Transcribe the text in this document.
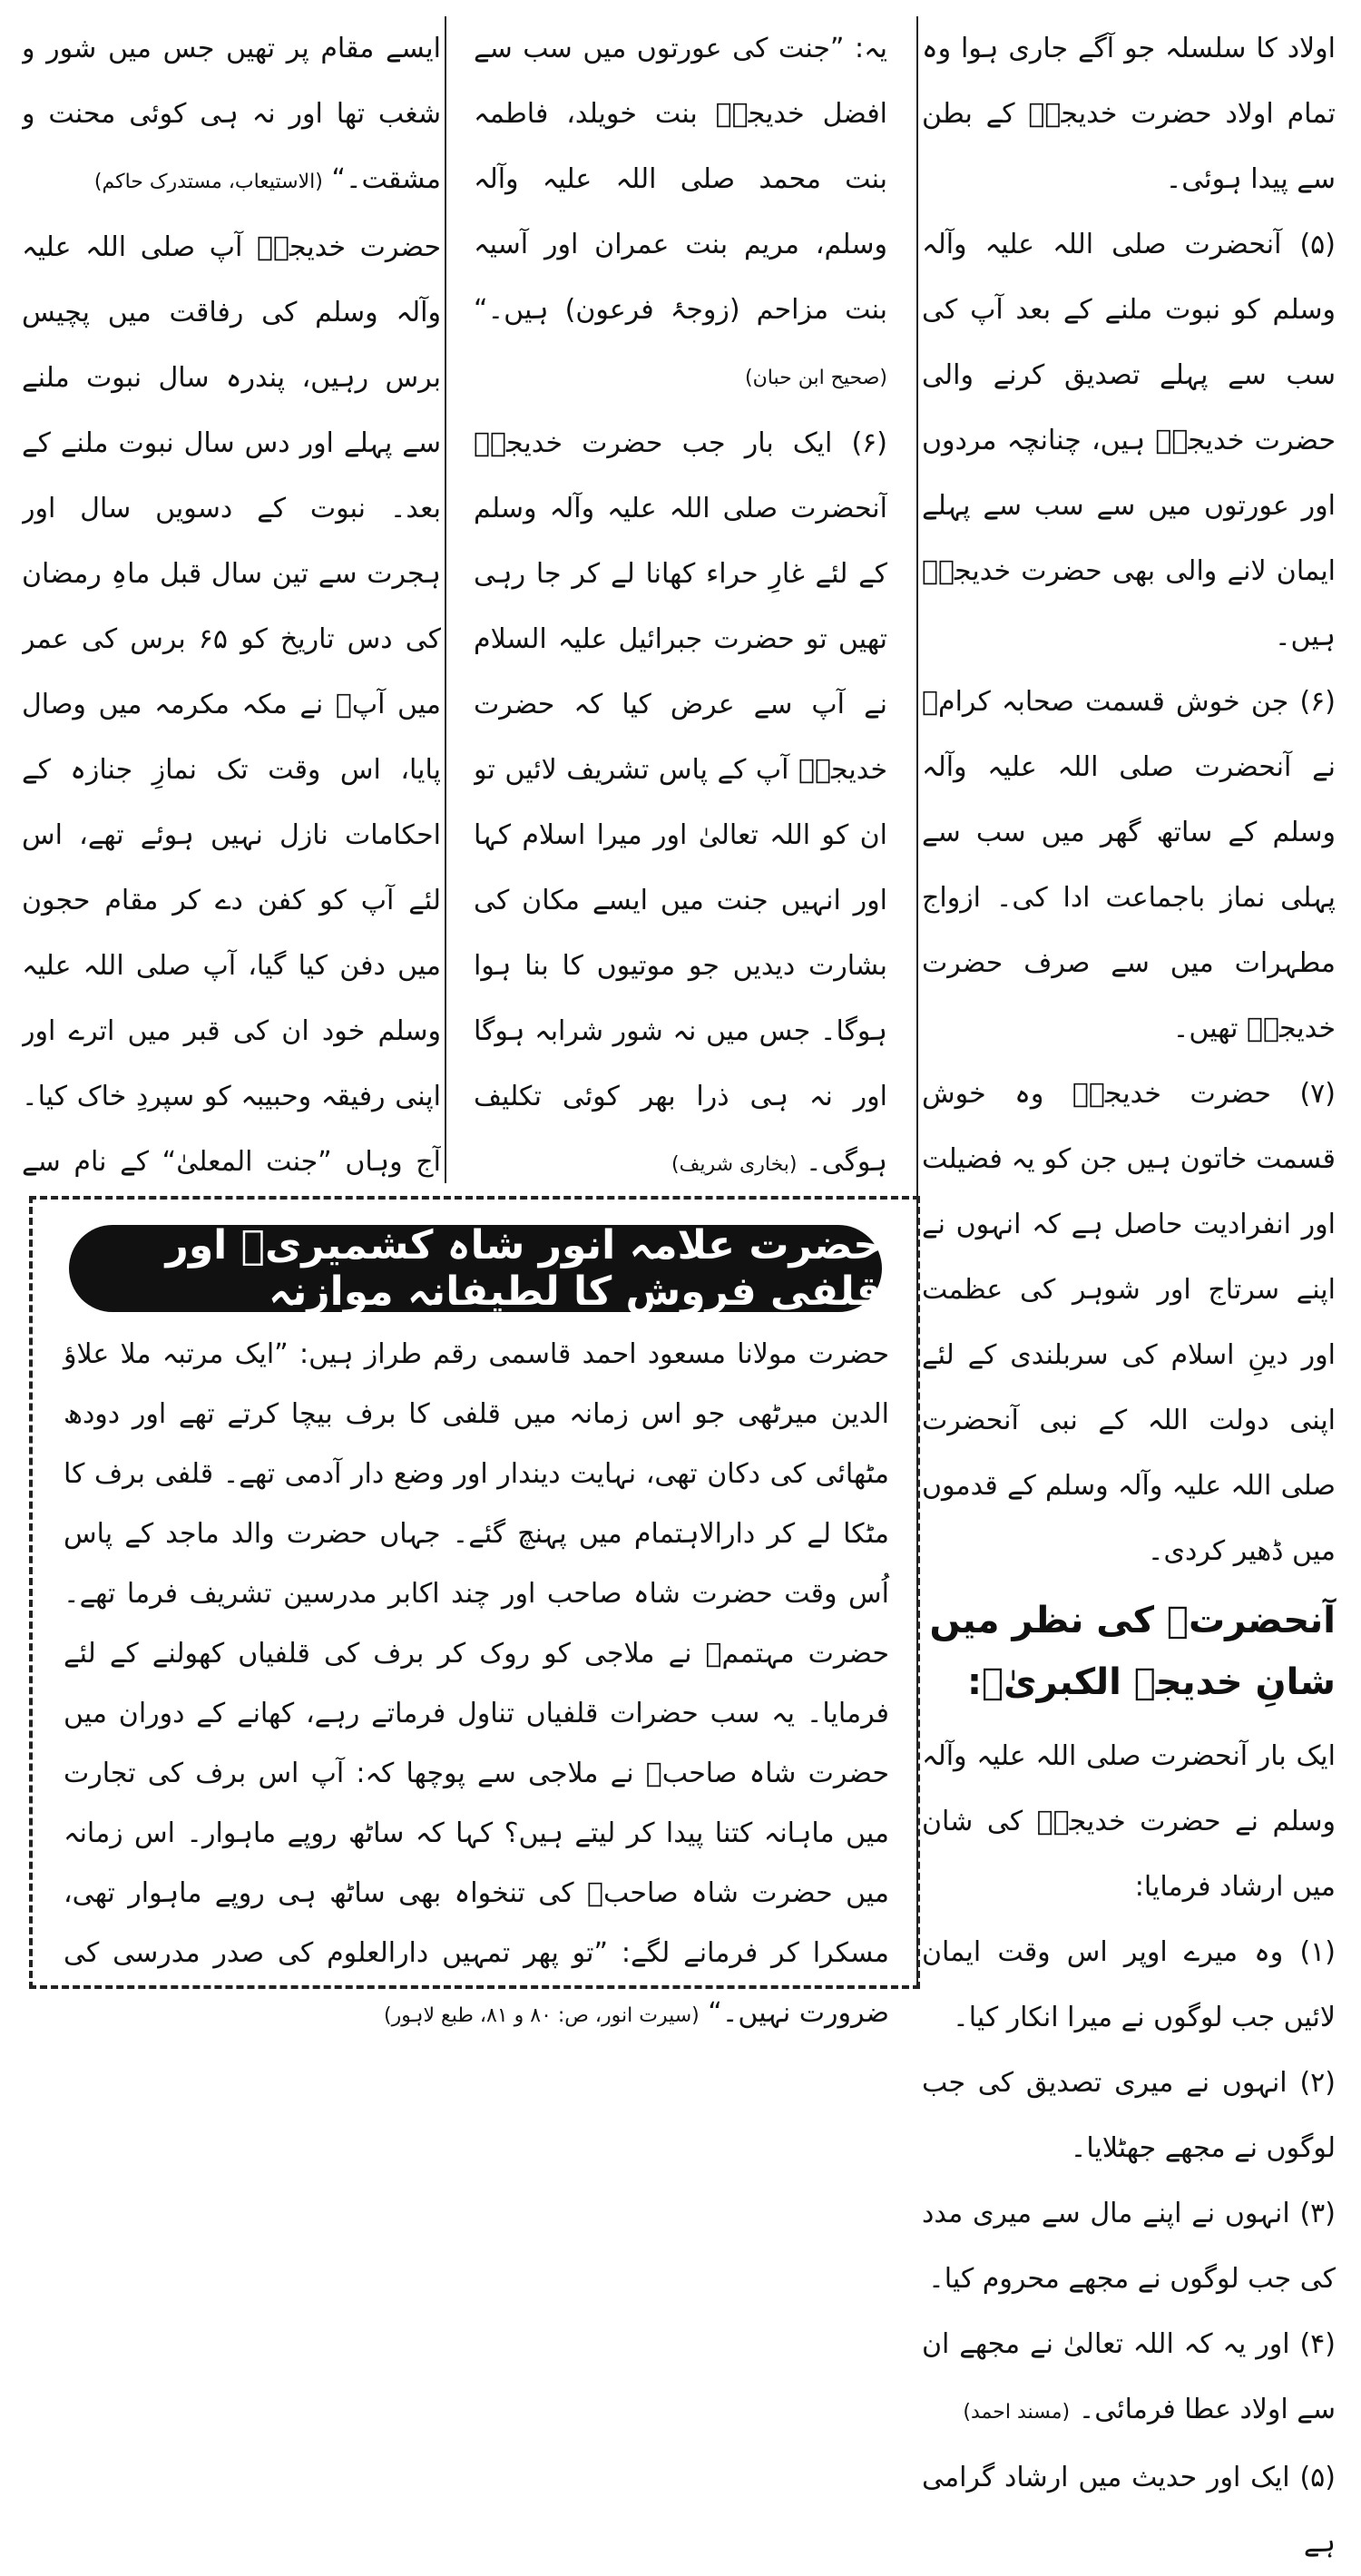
اولاد کا سلسلہ جو آگے جاری ہوا وہ تمام اولاد حضرت خدیجہؓ کے بطن سے پیدا ہوئی۔

(۵) آنحضرت صلی اللہ علیہ وآلہ وسلم کو نبوت ملنے کے بعد آپ کی سب سے پہلے تصدیق کرنے والی حضرت خدیجہؓ ہیں، چنانچہ مردوں اور عورتوں میں سے سب سے پہلے ایمان لانے والی بھی حضرت خدیجہؓ ہیں۔

(۶) جن خوش قسمت صحابہ کرامؓ نے آنحضرت صلی اللہ علیہ وآلہ وسلم کے ساتھ گھر میں سب سے پہلی نماز باجماعت ادا کی۔ ازواج مطہرات میں سے صرف حضرت خدیجہؓ تھیں۔

(۷) حضرت خدیجہؓ وہ خوش قسمت خاتون ہیں جن کو یہ فضیلت اور انفرادیت حاصل ہے کہ انہوں نے اپنے سرتاج اور شوہر کی عظمت اور دینِ اسلام کی سربلندی کے لئے اپنی دولت اللہ کے نبی آنحضرت صلی اللہ علیہ وآلہ وسلم کے قدموں میں ڈھیر کردی۔

آنحضرتﷺ کی نظر میں شانِ خدیجۃ الکبریٰؓ:

ایک بار آنحضرت صلی اللہ علیہ وآلہ وسلم نے حضرت خدیجہؓ کی شان میں ارشاد فرمایا:

(۱) وہ میرے اوپر اس وقت ایمان لائیں جب لوگوں نے میرا انکار کیا۔

(۲) انہوں نے میری تصدیق کی جب لوگوں نے مجھے جھٹلایا۔

(۳) انہوں نے اپنے مال سے میری مدد کی جب لوگوں نے مجھے محروم کیا۔

(۴) اور یہ کہ اللہ تعالیٰ نے مجھے ان سے اولاد عطا فرمائی۔ (مسند احمد)

(۵) ایک اور حدیث میں ارشاد گرامی ہے

یہ: ”جنت کی عورتوں میں سب سے افضل خدیجہؓ بنت خویلد، فاطمہ بنت محمد صلی اللہ علیہ وآلہ وسلم، مریم بنت عمران اور آسیہ بنت مزاحم (زوجۂ فرعون) ہیں۔“ (صحیح ابن حبان)

(۶) ایک بار جب حضرت خدیجہؓ آنحضرت صلی اللہ علیہ وآلہ وسلم کے لئے غارِ حراء کھانا لے کر جا رہی تھیں تو حضرت جبرائیل علیہ السلام نے آپ سے عرض کیا کہ حضرت خدیجہؓ آپ کے پاس تشریف لائیں تو ان کو اللہ تعالیٰ اور میرا اسلام کہا اور انہیں جنت میں ایسے مکان کی بشارت دیدیں جو موتیوں کا بنا ہوا ہوگا۔ جس میں نہ شور شرابہ ہوگا اور نہ ہی ذرا بھر کوئی تکلیف ہوگی۔ (بخاری شریف)

ایسے مقام پر تھیں جس میں شور و شغب تھا اور نہ ہی کوئی محنت و مشقت۔“ (الاستیعاب، مستدرک حاکم)

حضرت خدیجہؓ آپ صلی اللہ علیہ وآلہ وسلم کی رفاقت میں پچیس برس رہیں، پندرہ سال نبوت ملنے سے پہلے اور دس سال نبوت ملنے کے بعد۔ نبوت کے دسویں سال اور ہجرت سے تین سال قبل ماہِ رمضان کی دس تاریخ کو ۶۵ برس کی عمر میں آپؓ نے مکہ مکرمہ میں وصال پایا، اس وقت تک نمازِ جنازہ کے احکامات نازل نہیں ہوئے تھے، اس لئے آپ کو کفن دے کر مقام حجون میں دفن کیا گیا، آپ صلی اللہ علیہ وسلم خود ان کی قبر میں اترے اور اپنی رفیقہ وحبیبہ کو سپردِ خاک کیا۔ آج وہاں ”جنت المعلیٰ“ کے نام سے

حضرت علامہ انور شاہ کشمیریؒ اور قلفی فروش کا لطیفانہ موازنہ

حضرت مولانا مسعود احمد قاسمی رقم طراز ہیں: ”ایک مرتبہ ملا علاؤ الدین میرٹھی جو اس زمانہ میں قلفی کا برف بیچا کرتے تھے اور دودھ مٹھائی کی دکان تھی، نہایت دیندار اور وضع دار آدمی تھے۔ قلفی برف کا مٹکا لے کر دارالاہتمام میں پہنچ گئے۔ جہاں حضرت والد ماجد کے پاس اُس وقت حضرت شاہ صاحب اور چند اکابر مدرسین تشریف فرما تھے۔ حضرت مہتممؒ نے ملاجی کو روک کر برف کی قلفیاں کھولنے کے لئے فرمایا۔ یہ سب حضرات قلفیاں تناول فرماتے رہے، کھانے کے دوران میں حضرت شاہ صاحبؒ نے ملاجی سے پوچھا کہ: آپ اس برف کی تجارت میں ماہانہ کتنا پیدا کر لیتے ہیں؟ کہا کہ ساٹھ روپے ماہوار۔ اس زمانہ میں حضرت شاہ صاحبؒ کی تنخواہ بھی ساٹھ ہی روپے ماہوار تھی، مسکرا کر فرمانے لگے: ”تو پھر تمہیں دارالعلوم کی صدر مدرسی کی ضرورت نہیں۔“ (سیرت انور، ص: ۸۰ و ۸۱، طبع لاہور)
